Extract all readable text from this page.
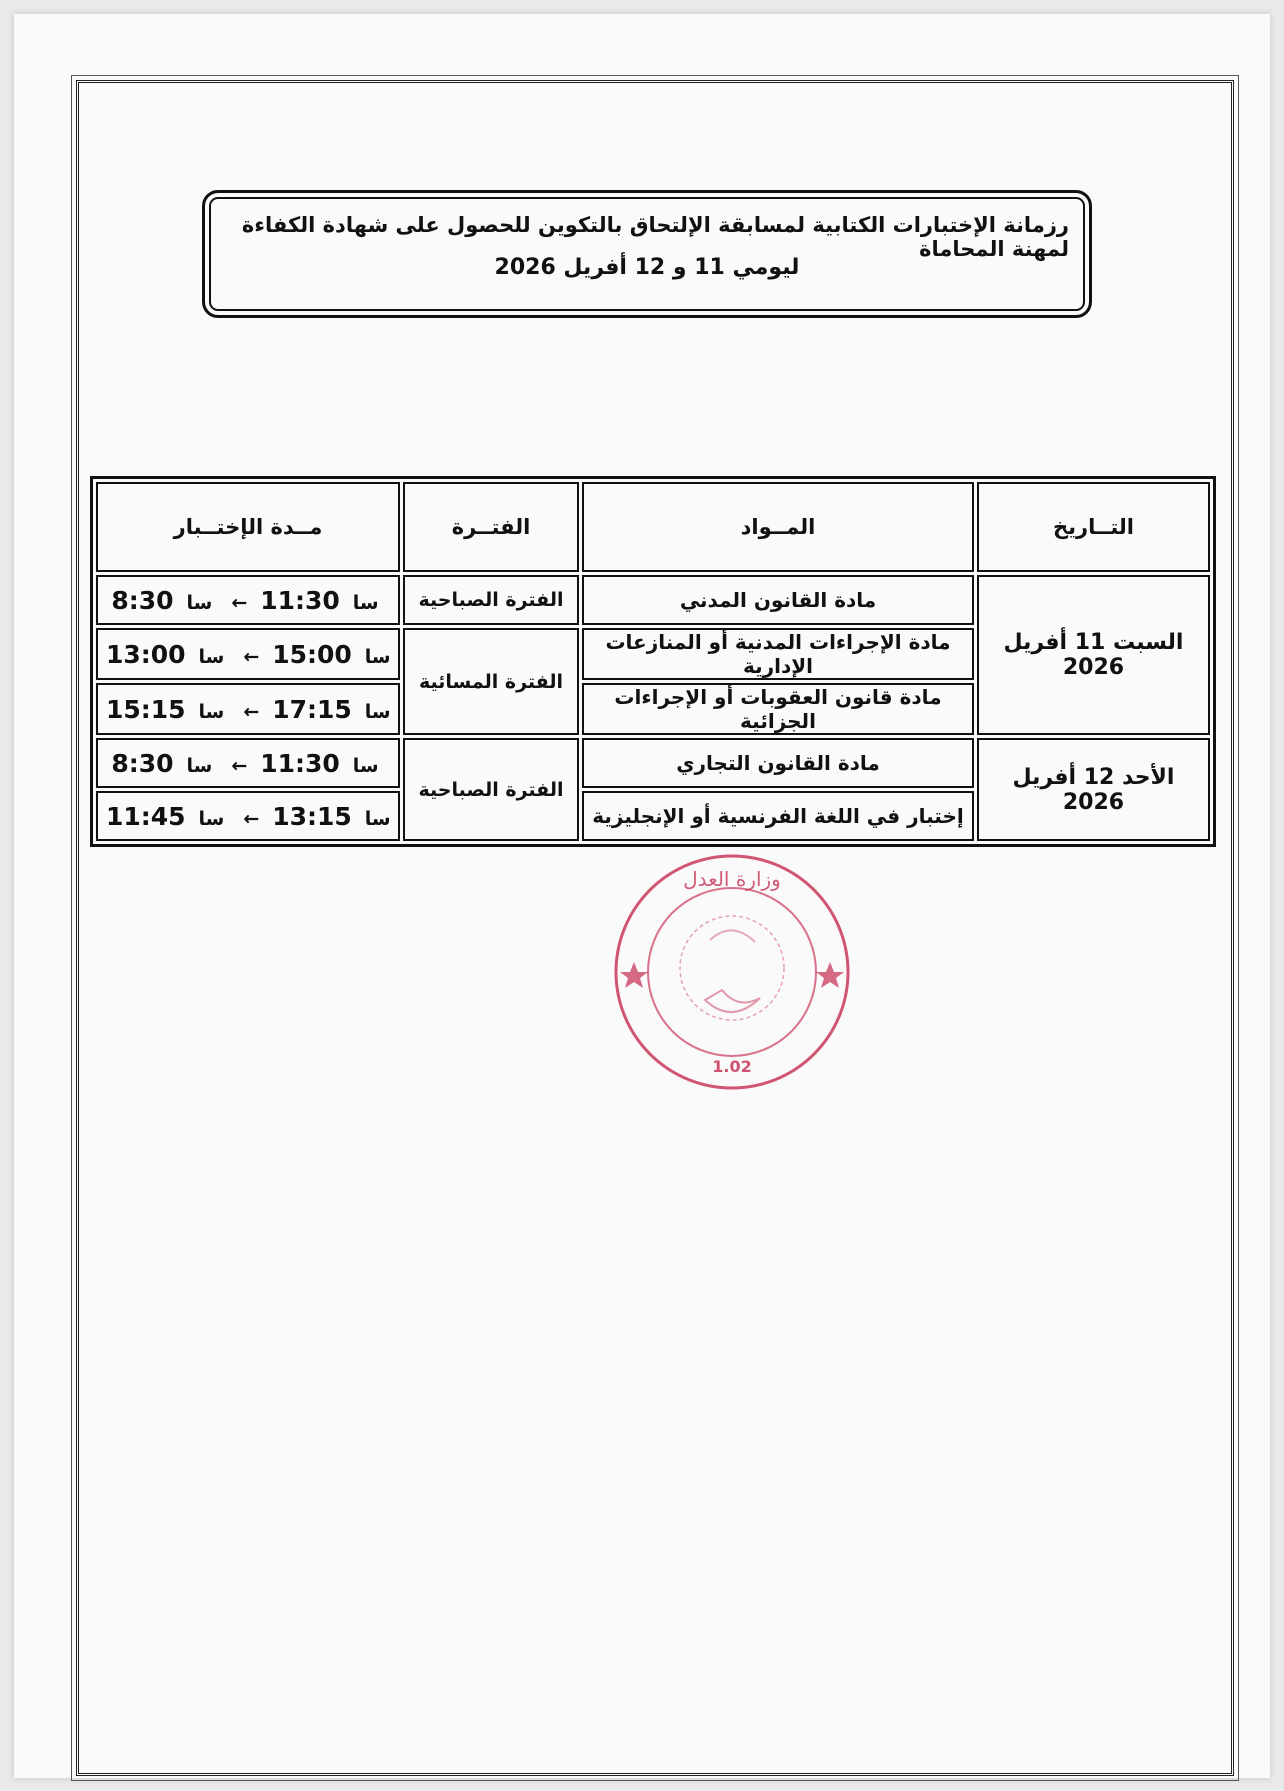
رزمانة الإختبارات الكتابية لمسابقة الإلتحاق بالتكوين للحصول على شهادة الكفاءة لمهنة المحاماة
ليومي 11 و 12 أفريل 2026
التــاريخ	المــواد	الفتــرة	مــدة الإختــبار
السبت 11 أفريل 2026	مادة القانون المدني	الفترة الصباحية	سا 11:30 ← سا 8:30
	مادة الإجراءات المدنية أو المنازعات الإدارية	الفترة المسائية	سا 15:00 ← سا 13:00
	مادة قانون العقوبات أو الإجراءات الجزائية		سا 17:15 ← سا 15:15
الأحد 12 أفريل 2026	مادة القانون التجاري	الفترة الصباحية	سا 11:30 ← سا 8:30
	إختبار في اللغة الفرنسية أو الإنجليزية		سا 13:15 ← سا 11:45
وزارة العدل
1.02
